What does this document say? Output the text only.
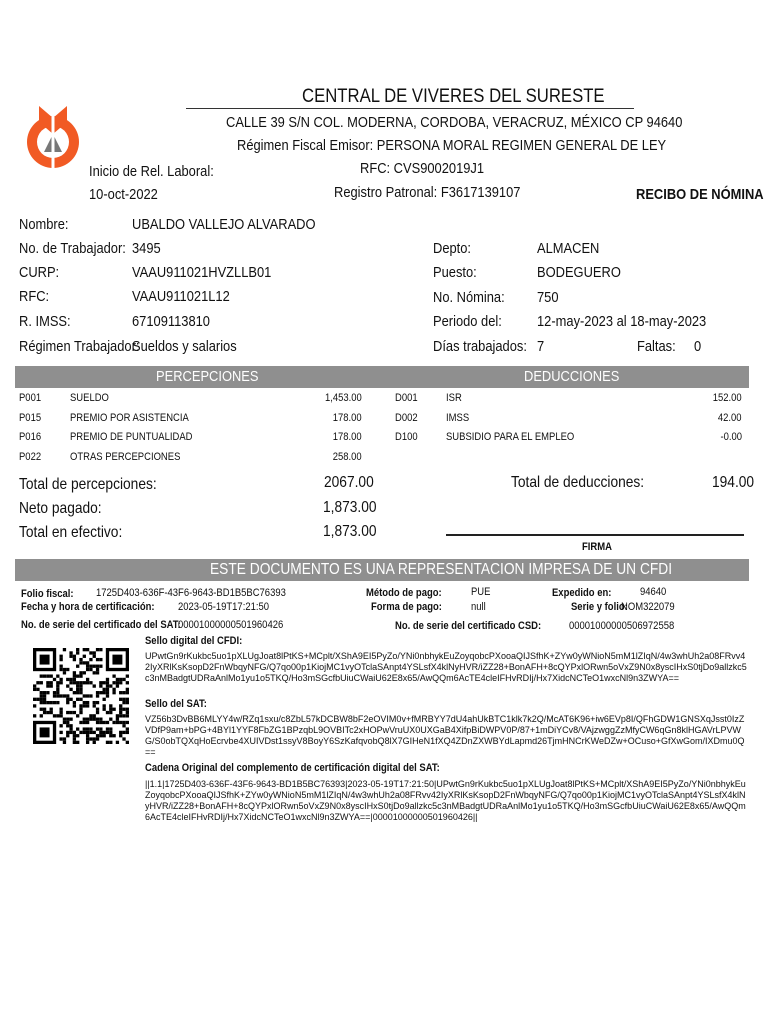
CENTRAL DE VIVERES DEL SURESTE
CALLE 39 S/N COL. MODERNA, CORDOBA, VERACRUZ, MÉXICO CP 94640
Régimen Fiscal Emisor: PERSONA MORAL REGIMEN GENERAL DE LEY
RFC: CVS9002019J1
Inicio de Rel. Laboral:
10-oct-2022	Registro Patronal: F3617139107	RECIBO DE NÓMINA
Nombre:	UBALDO VALLEJO ALVARADO
No. de Trabajador: 3495
CURP:	VAAU911021HVZLLB01
RFC:	VAAU911021L12
R. IMSS:	67109113810
Régimen Trabajador:
Sueldos y salarios
Depto:	ALMACEN
Puesto:	BODEGUERO
No. Nómina: 750
Periodo del: 12-may-2023 al 18-may-2023
Días trabajados: 7	Faltas: 0
PERCEPCIONES	DEDUCCIONES
P001	SUELDO	1,453.00
P015	PREMIO POR ASISTENCIA	178.00
P016	PREMIO DE PUNTUALIDAD	178.00
P022	OTRAS PERCEPCIONES	258.00
D001	ISR	152.00
D002	IMSS	42.00
D100	SUBSIDIO PARA EL EMPLEO	-0.00
Total de percepciones:	2067.00
Neto pagado:	1,873.00
Total en efectivo:	1,873.00
Total de deducciones:	194.00
FIRMA
ESTE DOCUMENTO ES UNA REPRESENTACION IMPRESA DE UN CFDI
Folio fiscal: 1725D403-636F-43F6-9643-BD1B5BC76393
Fecha y hora de certificación: 2023-05-19T17:21:50
No. de serie del certificado del SAT:
00001000000501960426
Método de pago:	PUE
Forma de pago:	null
No. de serie del certificado CSD:	00001000000506972558
Expedido en:	94640
Serie y folio:
NOM322079
Sello digital del CFDI:
UPwtGn9rKukbc5uo1pXLUgJoat8lPtKS+MCplt/XShA9EI5PyZo/YNi0nbhykEuZoyqobcPXooaQIJSfhK+ZYw0yWNioN5mM1lZIqN/4w3whUh2a08FRvv42IyXRlKsKsopD2FnWbqyNFG/Q7qo00p1KiojMC1vyOTclaSAnpt4YSLsfX4klNyHVR/iZZ28+BonAFH+8cQYPxlORwn5oVxZ9N0x8yscIHxS0tjDo9allzkc5c3nMBadgtUDRaAnlMo1yu1o5TKQ/Ho3mSGcfbUiuCWaiU62E8x65/AwQQm6AcTE4cleIFHvRDIj/Hx7XidcNCTeO1wxcNl9n3ZWYA==
Sello del SAT:
VZ56b3DvBB6MLYY4w/RZq1sxu/c8ZbL57kDCBW8bF2eOVIM0v+fMRBYY7dU4ahUkBTC1klk7k2Q/McAT6K96+iw6EVp8I/QFhGDW1GNSXqJsst0IzZVDfP9am+bPG+4BYl1YYF8FbZG1BPzqbL9OVBITc2xHOPwVruUX0UXGaB4XifpBiDWPV0P/87+1mDiYCv8/VAjzwggZzMfyCW6qGn8klHGAVrLPVWG/S0obTQXqHoEcrvbe4XUIVDst1ssyV8BoyY6SzKafqvobQ8lX7GIHeN1fXQ4ZDnZXWBYdLapmd26TjmHNCrKWeDZw+OCuso+GfXwGom/IXDmu0Q==
Cadena Original del complemento de certificación digital del SAT:
||1.1|1725D403-636F-43F6-9643-BD1B5BC76393|2023-05-19T17:21:50|UPwtGn9rKukbc5uo1pXLUgJoat8lPtKS+MCplt/XShA9EI5PyZo/YNi0nbhykEuZoyqobcPXooaQIJSfhK+ZYw0yWNioN5mM1lZIqN/4w3whUh2a08FRvv42IyXRlKsKsopD2FnWbqyNFG/Q7qo00p1KiojMC1vyOTclaSAnpt4YSLsfX4klNyHVR/iZZ28+BonAFH+8cQYPxlORwn5oVxZ9N0x8yscIHxS0tjDo9allzkc5c3nMBadgtUDRaAnlMo1yu1o5TKQ/Ho3mSGcfbUiuCWaiU62E8x65/AwQQm6AcTE4cleIFHvRDIj/Hx7XidcNCTeO1wxcNl9n3ZWYA==|00001000000501960426||
